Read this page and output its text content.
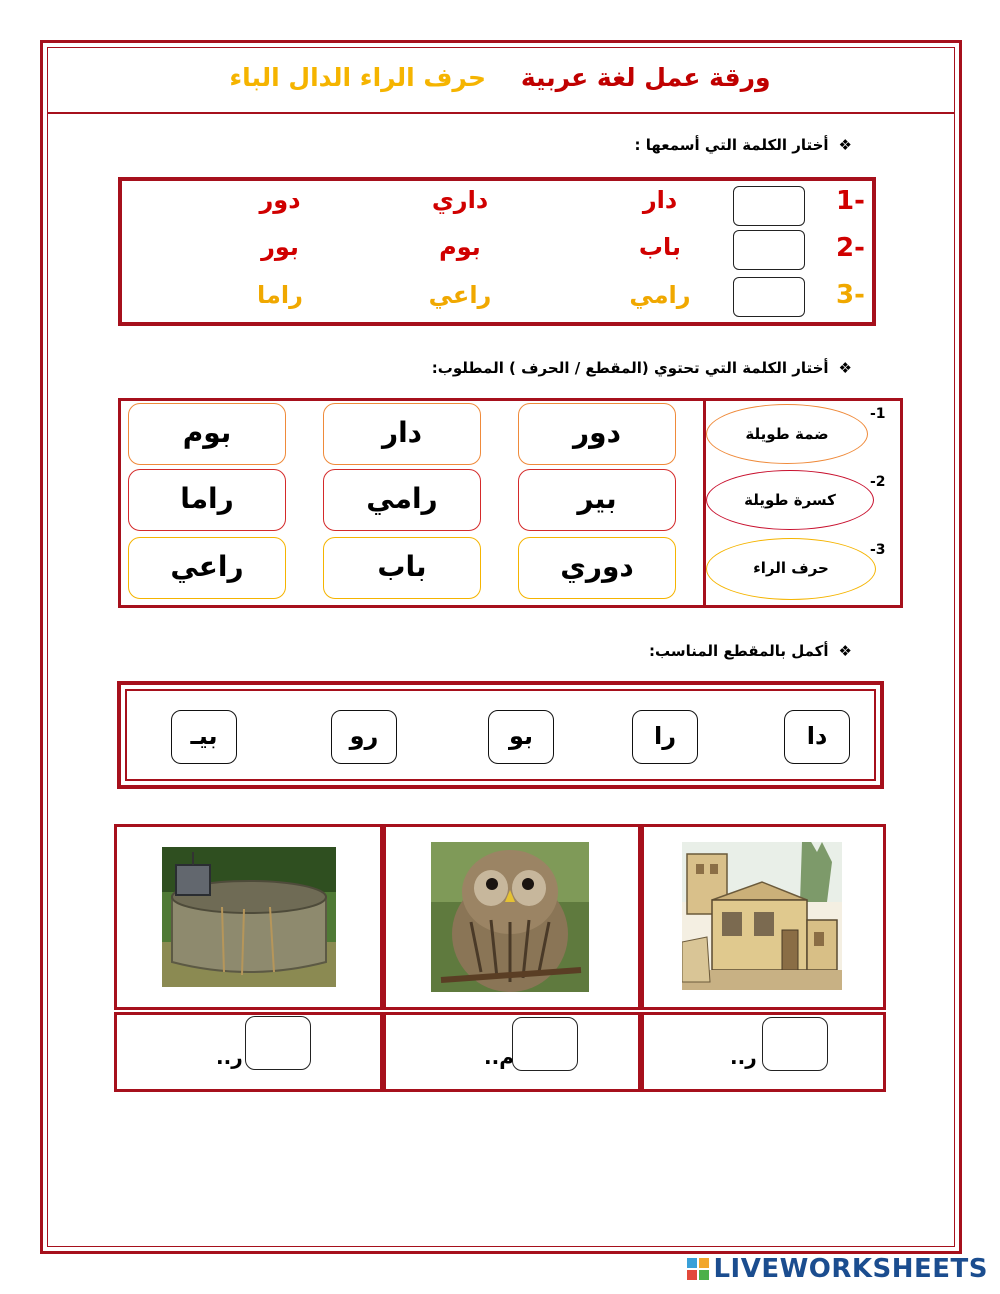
ورقة عمل لغة عربية    حرف الراء الدال الباء
❖أختار الكلمة التي أسمعها :
1-
دار
داري
دور
2-
باب
بوم
بور
3-
رامي
راعي
راما
❖أختار الكلمة التي تحتوي (المقطع / الحرف ) المطلوب:
-1
ضمة طويلة
-2
كسرة طويلة
-3
حرف الراء
دور
دار
بوم
بير
رامي
راما
دوري
باب
راعي
❖أكمل بالمقطع المناسب:
دا
را
بو
رو
بيـ
..ر
..م
..ر
LIVEWORKSHEETS
